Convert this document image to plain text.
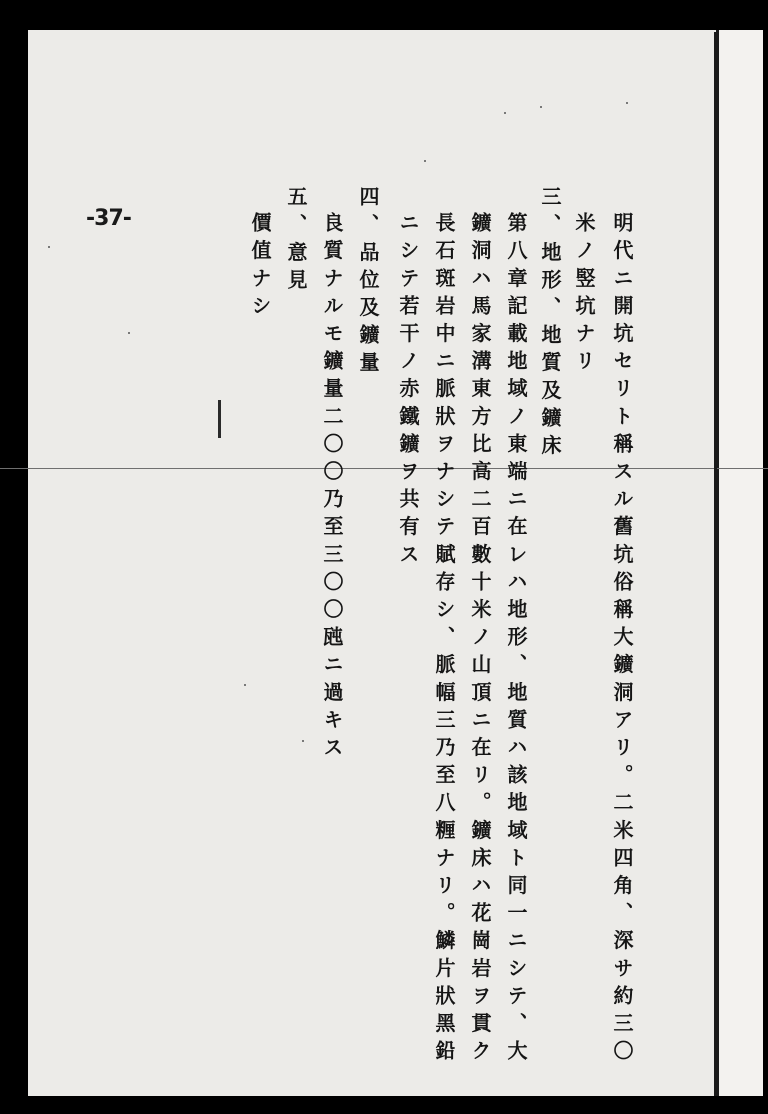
-37-	明代ニ開坑セリト稱スル舊坑俗稱大鑛洞アリ。二米四角、深サ約三〇
米ノ竪坑ナリ
三、地形、地質及鑛床
第八章記載地域ノ東端ニ在レハ地形、地質ハ該地域ト同一ニシテ、大
鑛洞ハ馬家溝東方比高二百數十米ノ山頂ニ在リ。鑛床ハ花崗岩ヲ貫ク
長石斑岩中ニ脈狀ヲナシテ賦存シ、脈幅三乃至八糎ナリ。鱗片狀黑鉛
ニシテ若干ノ赤鐵鑛ヲ共有ス
四、品位及鑛量
良質ナルモ鑛量二〇〇乃至三〇〇瓲ニ過キス
五、意見
價值ナシ
